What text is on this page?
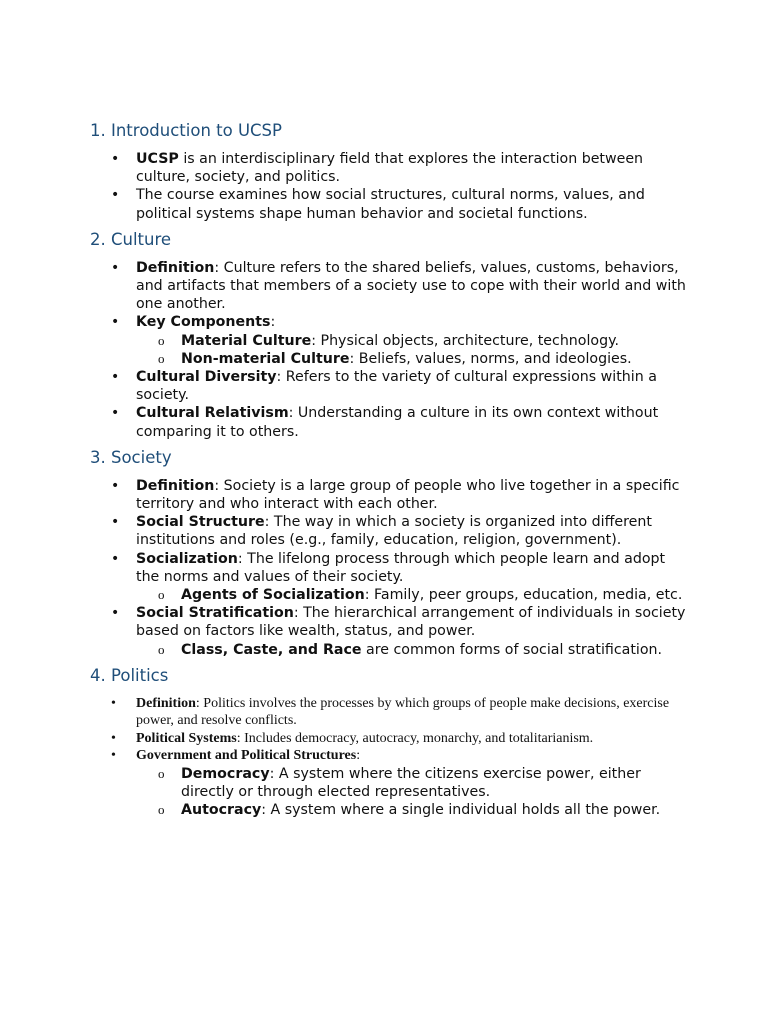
1. Introduction to UCSP
• UCSP is an interdisciplinary field that explores the interaction between culture, society, and politics.
• The course examines how social structures, cultural norms, values, and political systems shape human behavior and societal functions.
2. Culture
• Definition: Culture refers to the shared beliefs, values, customs, behaviors, and artifacts that members of a society use to cope with their world and with one another.
• Key Components:
o Material Culture: Physical objects, architecture, technology.
o Non-material Culture: Beliefs, values, norms, and ideologies.
• Cultural Diversity: Refers to the variety of cultural expressions within a society.
• Cultural Relativism: Understanding a culture in its own context without comparing it to others.
3. Society
• Definition: Society is a large group of people who live together in a specific territory and who interact with each other.
• Social Structure: The way in which a society is organized into different institutions and roles (e.g., family, education, religion, government).
• Socialization: The lifelong process through which people learn and adopt the norms and values of their society.
o Agents of Socialization: Family, peer groups, education, media, etc.
• Social Stratification: The hierarchical arrangement of individuals in society based on factors like wealth, status, and power.
o Class, Caste, and Race are common forms of social stratification.
4. Politics
• Definition: Politics involves the processes by which groups of people make decisions, exercise power, and resolve conflicts.
• Political Systems: Includes democracy, autocracy, monarchy, and totalitarianism.
• Government and Political Structures:
o Democracy: A system where the citizens exercise power, either directly or through elected representatives.
o Autocracy: A system where a single individual holds all the power.
